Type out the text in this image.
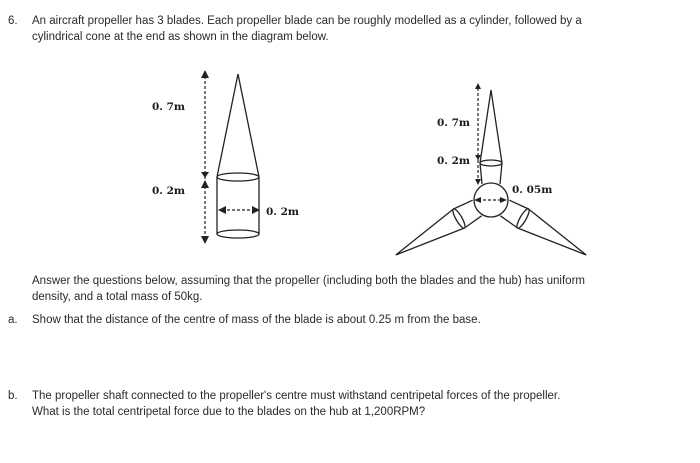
6. An aircraft propeller has 3 blades. Each propeller blade can be roughly modelled as a cylinder, followed by a
cylindrical cone at the end as shown in the diagram below.
0. 7m
0. 2m
0. 2m
0. 7m
0. 2m
0. 05m
Answer the questions below, assuming that the propeller (including both the blades and the hub) has uniform
density, and a total mass of 50kg.
a. Show that the distance of the centre of mass of the blade is about 0.25 m from the base.
b. The propeller shaft connected to the propeller's centre must withstand centripetal forces of the propeller.
What is the total centripetal force due to the blades on the hub at 1,200RPM?
